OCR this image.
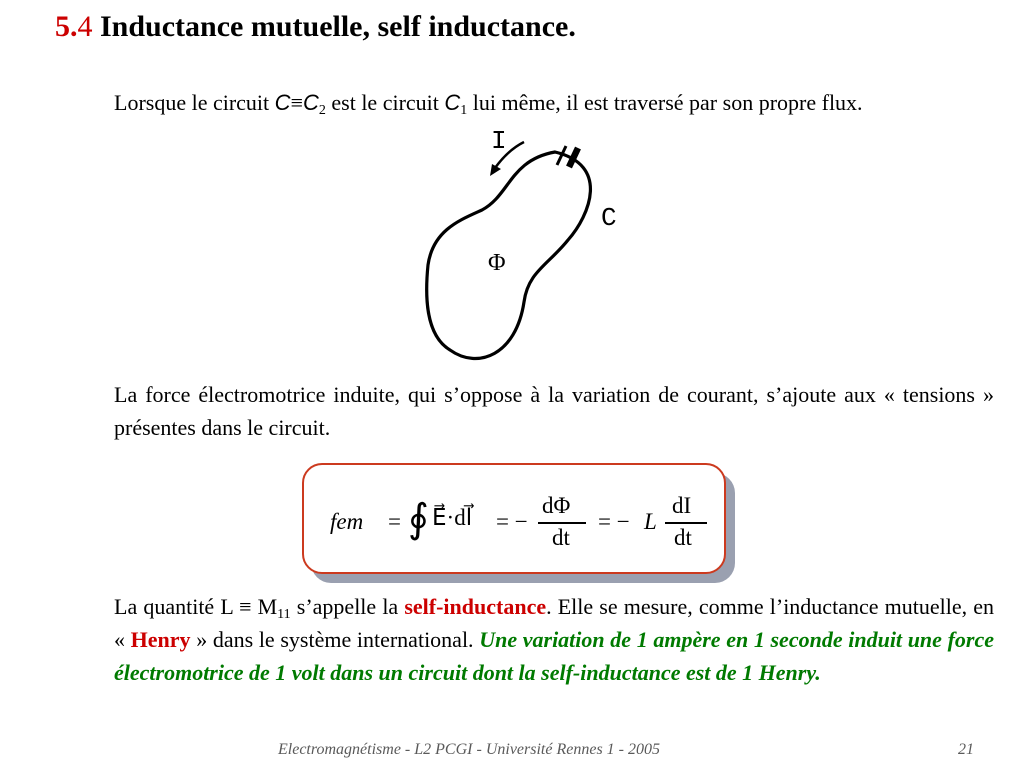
5.4 Inductance mutuelle, self inductance.
Lorsque le circuit $C\equiv C_2$ est le circuit $C_1$ lui même, il est traversé par son propre flux.
I
C
Φ
La force électromotrice induite, qui s’oppose à la variation de courant, s’ajoute aux « tensions » présentes dans le circuit.
fem = ∮ E⃗·dl⃗ = −
dΦ
dt
= − L
dI
dt
La quantité $L \equiv M_{11}$ s’appelle la self-inductance. Elle se mesure, comme l’inductance mutuelle, en « Henry » dans le système international. Une variation de 1 ampère en 1 seconde induit une force électromotrice de 1 volt dans un circuit dont la self-inductance est de 1 Henry.
Electromagnétisme - L2 PCGI - Université Rennes 1 - 2005	21
